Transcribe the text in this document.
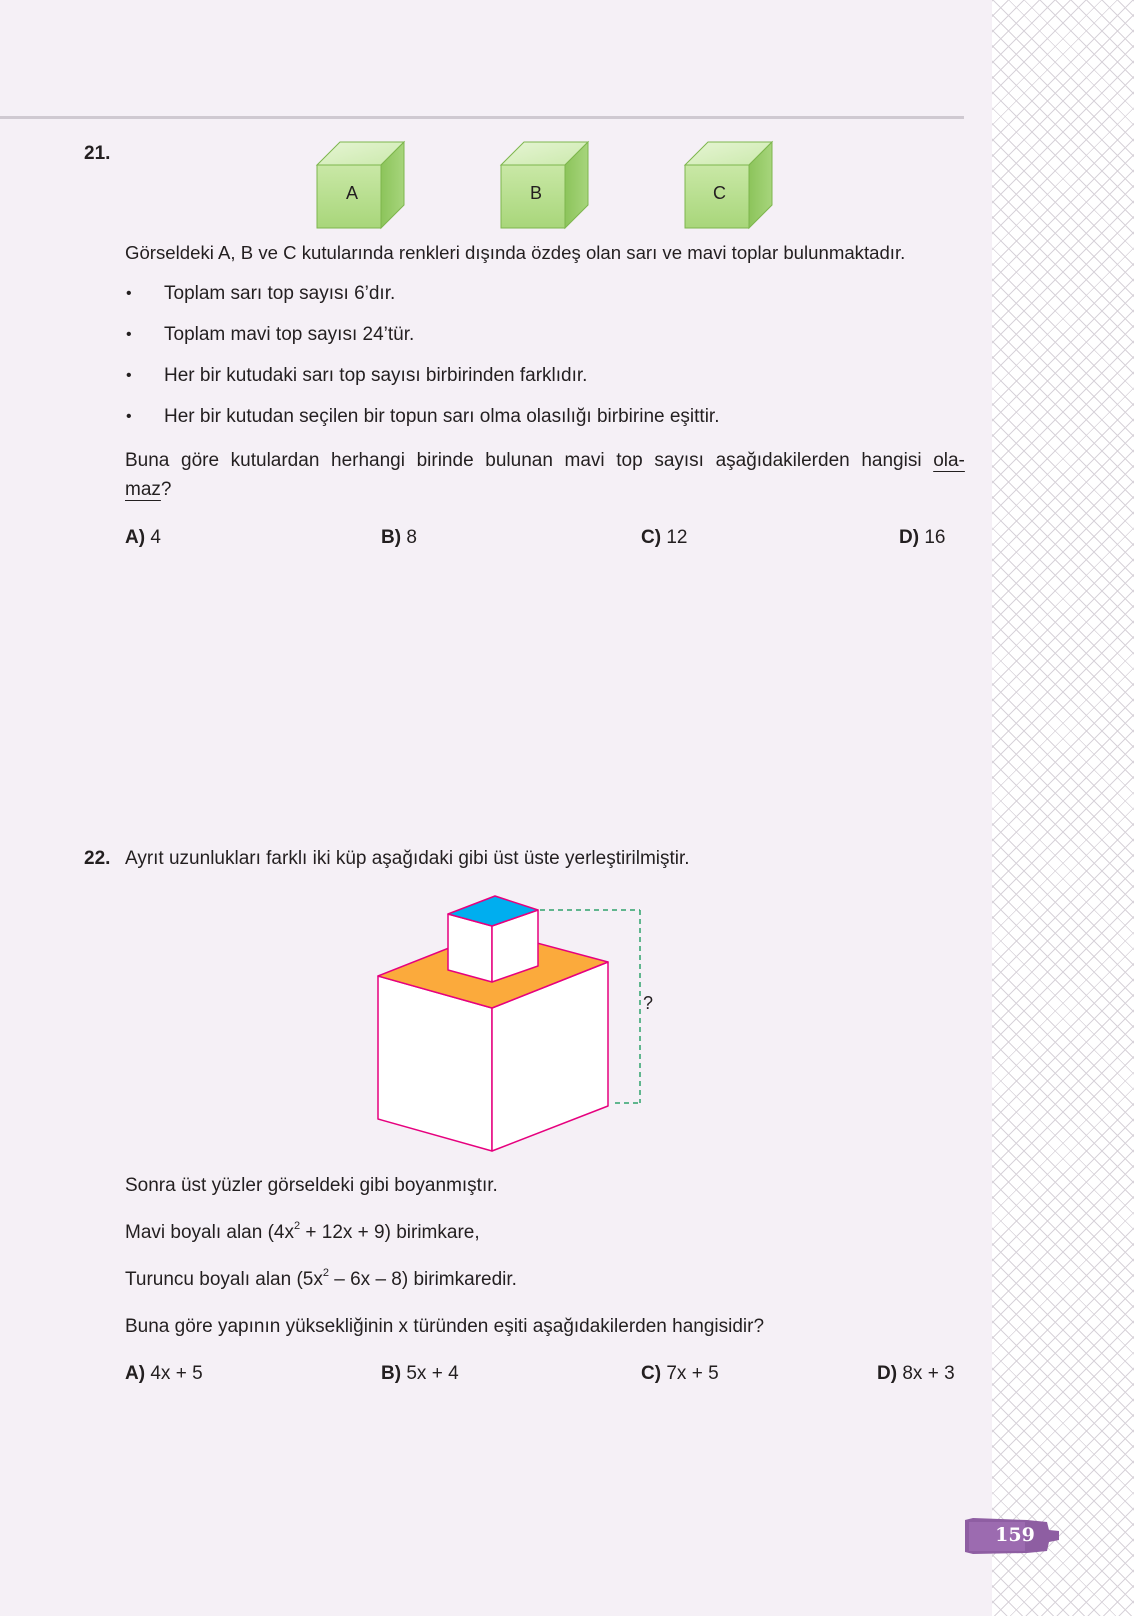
21.
A	B	C
Görseldeki A, B ve C kutularında renkleri dışında özdeş olan sarı ve mavi toplar bulunmaktadır.
• Toplam sarı top sayısı 6’dır.
• Toplam mavi top sayısı 24’tür.
• Her bir kutudaki sarı top sayısı birbirinden farklıdır.
• Her bir kutudan seçilen bir topun sarı olma olasılığı birbirine eşittir.
Buna göre kutulardan herhangi birinde bulunan mavi top sayısı aşağıdakilerden hangisi ola-
maz?
A) 4	B) 8	C) 12	D) 16
22. Ayrıt uzunlukları farklı iki küp aşağıdaki gibi üst üste yerleştirilmiştir.
?
Sonra üst yüzler görseldeki gibi boyanmıştır.
Mavi boyalı alan $(4x^2 + 12x + 9)$ birimkare,
Turuncu boyalı alan $(5x^2 - 6x - 8)$ birimkaredir.
Buna göre yapının yüksekliğinin x türünden eşiti aşağıdakilerden hangisidir?
A) 4x + 5	B) 5x + 4	C) 7x + 5	D) 8x + 3
159
